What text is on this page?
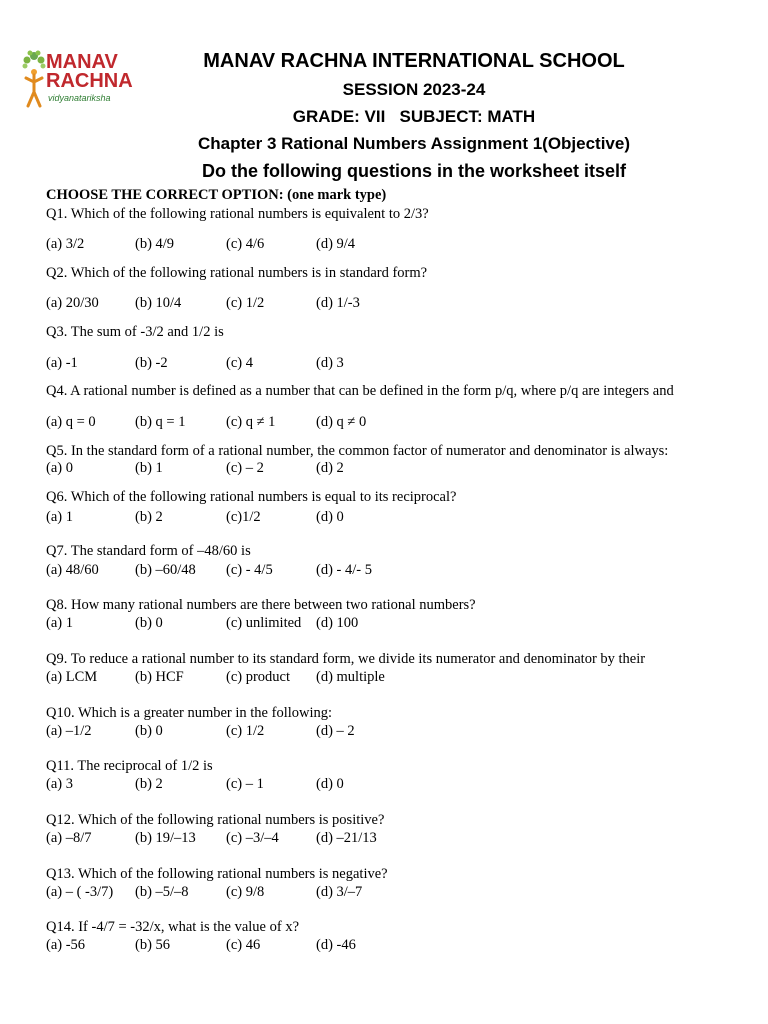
MANAV
RACHNA
vidyanatariksha
MANAV RACHNA INTERNATIONAL SCHOOL
SESSION 2023-24
GRADE: VII   SUBJECT: MATH
Chapter 3 Rational Numbers Assignment 1(Objective)
Do the following questions in the worksheet itself
CHOOSE THE CORRECT OPTION: (one mark type)
Q1. Which of the following rational numbers is equivalent to 2/3?
(a) 3/2	(b) 4/9	(c) 4/6	(d) 9/4
Q2. Which of the following rational numbers is in standard form?
(a) 20/30	(b) 10/4	(c) 1/2	(d) 1/-3
Q3. The sum of -3/2 and 1/2 is
(a) -1	(b) -2	(c) 4	(d) 3
Q4. A rational number is defined as a number that can be defined in the form p/q, where p/q are integers and
(a) q = 0	(b) q = 1	(c) q ≠ 1	(d) q ≠ 0
Q5. In the standard form of a rational number, the common factor of numerator and denominator is always:
(a) 0	(b) 1	(c) – 2	(d) 2
Q6. Which of the following rational numbers is equal to its reciprocal?
(a) 1	(b) 2	(c)1/2	(d) 0
Q7. The standard form of –48/60 is
(a) 48/60	(b) –60/48 (c) - 4/5	(d) - 4/- 5
Q8. How many rational numbers are there between two rational numbers?
(a) 1	(b) 0	(c) unlimited (d) 100
Q9. To reduce a rational number to its standard form, we divide its numerator and denominator by their
(a) LCM	(b) HCF	(c) product (d) multiple
Q10. Which is a greater number in the following:
(a) –1/2	(b) 0	(c) 1/2	(d) – 2
Q11. The reciprocal of 1/2 is
(a) 3	(b) 2	(c) – 1	(d) 0
Q12. Which of the following rational numbers is positive?
(a) –8/7	(b) 19/–13 (c) –3/–4	(d) –21/13
Q13. Which of the following rational numbers is negative?
(a) – ( -3/7) (b) –5/–8	(c) 9/8	(d) 3/–7
Q14. If -4/7 = -32/x, what is the value of x?
(a) -56	(b) 56	(c) 46	(d) -46
